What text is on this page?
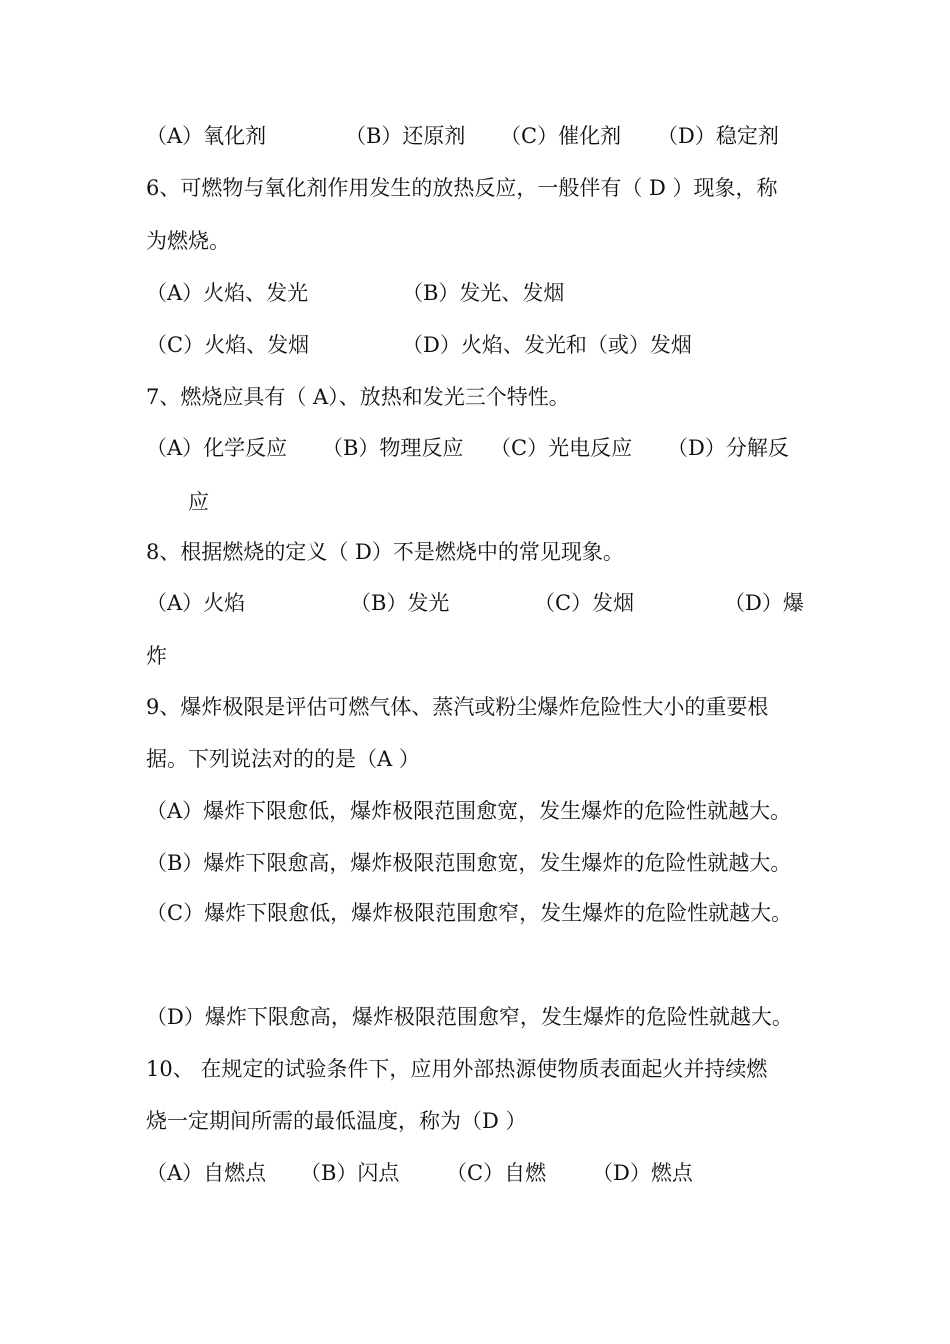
（A）氧化剂	（B）还原剂 （C）催化剂 （D）稳定剂
6、可燃物与氧化剂作用发生的放热反应，一般伴有（ D ）现象，称
为燃烧。
（A）火焰、发光	（B）发光、发烟
（C）火焰、发烟	（D）火焰、发光和（或）发烟
7、燃烧应具有（ A）、放热和发光三个特性。
（A）化学反应 （B）物理反应 （C）光电反应 （D）分解反
应
8、根据燃烧的定义（ D）不是燃烧中的常见现象。
（A）火焰	（B）发光	（C）发烟	（D）爆
炸
9、爆炸极限是评估可燃气体、蒸汽或粉尘爆炸危险性大小的重要根
据。下列说法对的的是（A ）
（A）爆炸下限愈低，爆炸极限范围愈宽，发生爆炸的危险性就越大。
（B）爆炸下限愈高，爆炸极限范围愈宽，发生爆炸的危险性就越大。
（C）爆炸下限愈低，爆炸极限范围愈窄，发生爆炸的危险性就越大。
（D）爆炸下限愈高，爆炸极限范围愈窄，发生爆炸的危险性就越大。
10、 在规定的试验条件下，应用外部热源使物质表面起火并持续燃
烧一定期间所需的最低温度，称为（D ）
（A）自燃点 （B）闪点 （C）自燃 （D）燃点
